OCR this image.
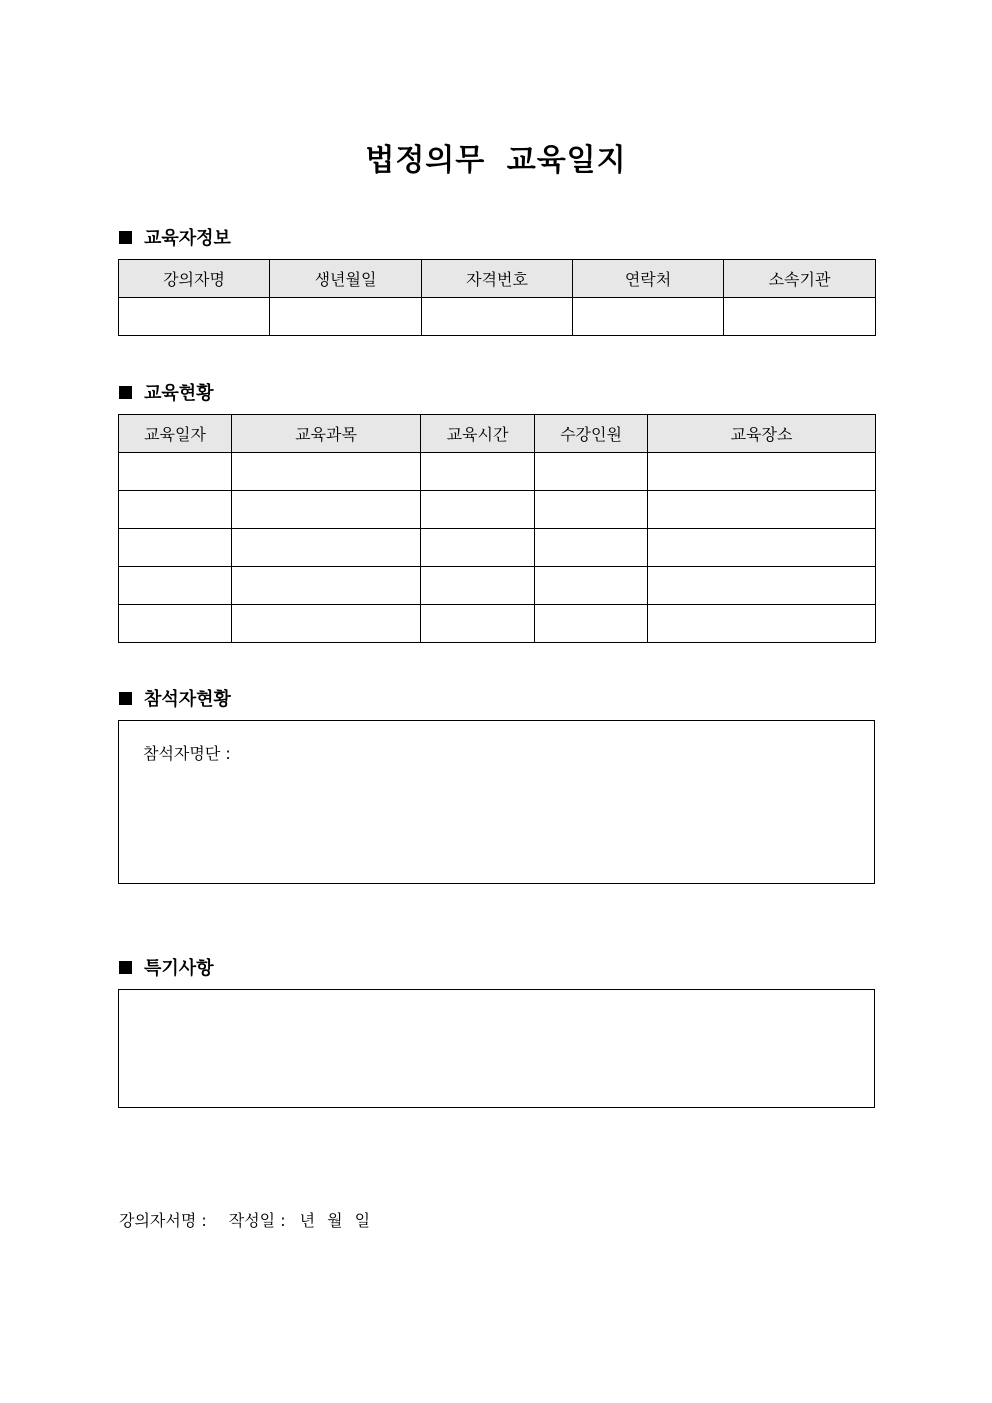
법정의무 교육일지
교육자정보
강의자명	생년월일	자격번호	연락처	소속기관

교육현황
교육일자	교육과목	교육시간	수강인원	교육장소

참석자현황
참석자명단 :
특기사항
강의자서명 : 작성일 : 년 월 일
